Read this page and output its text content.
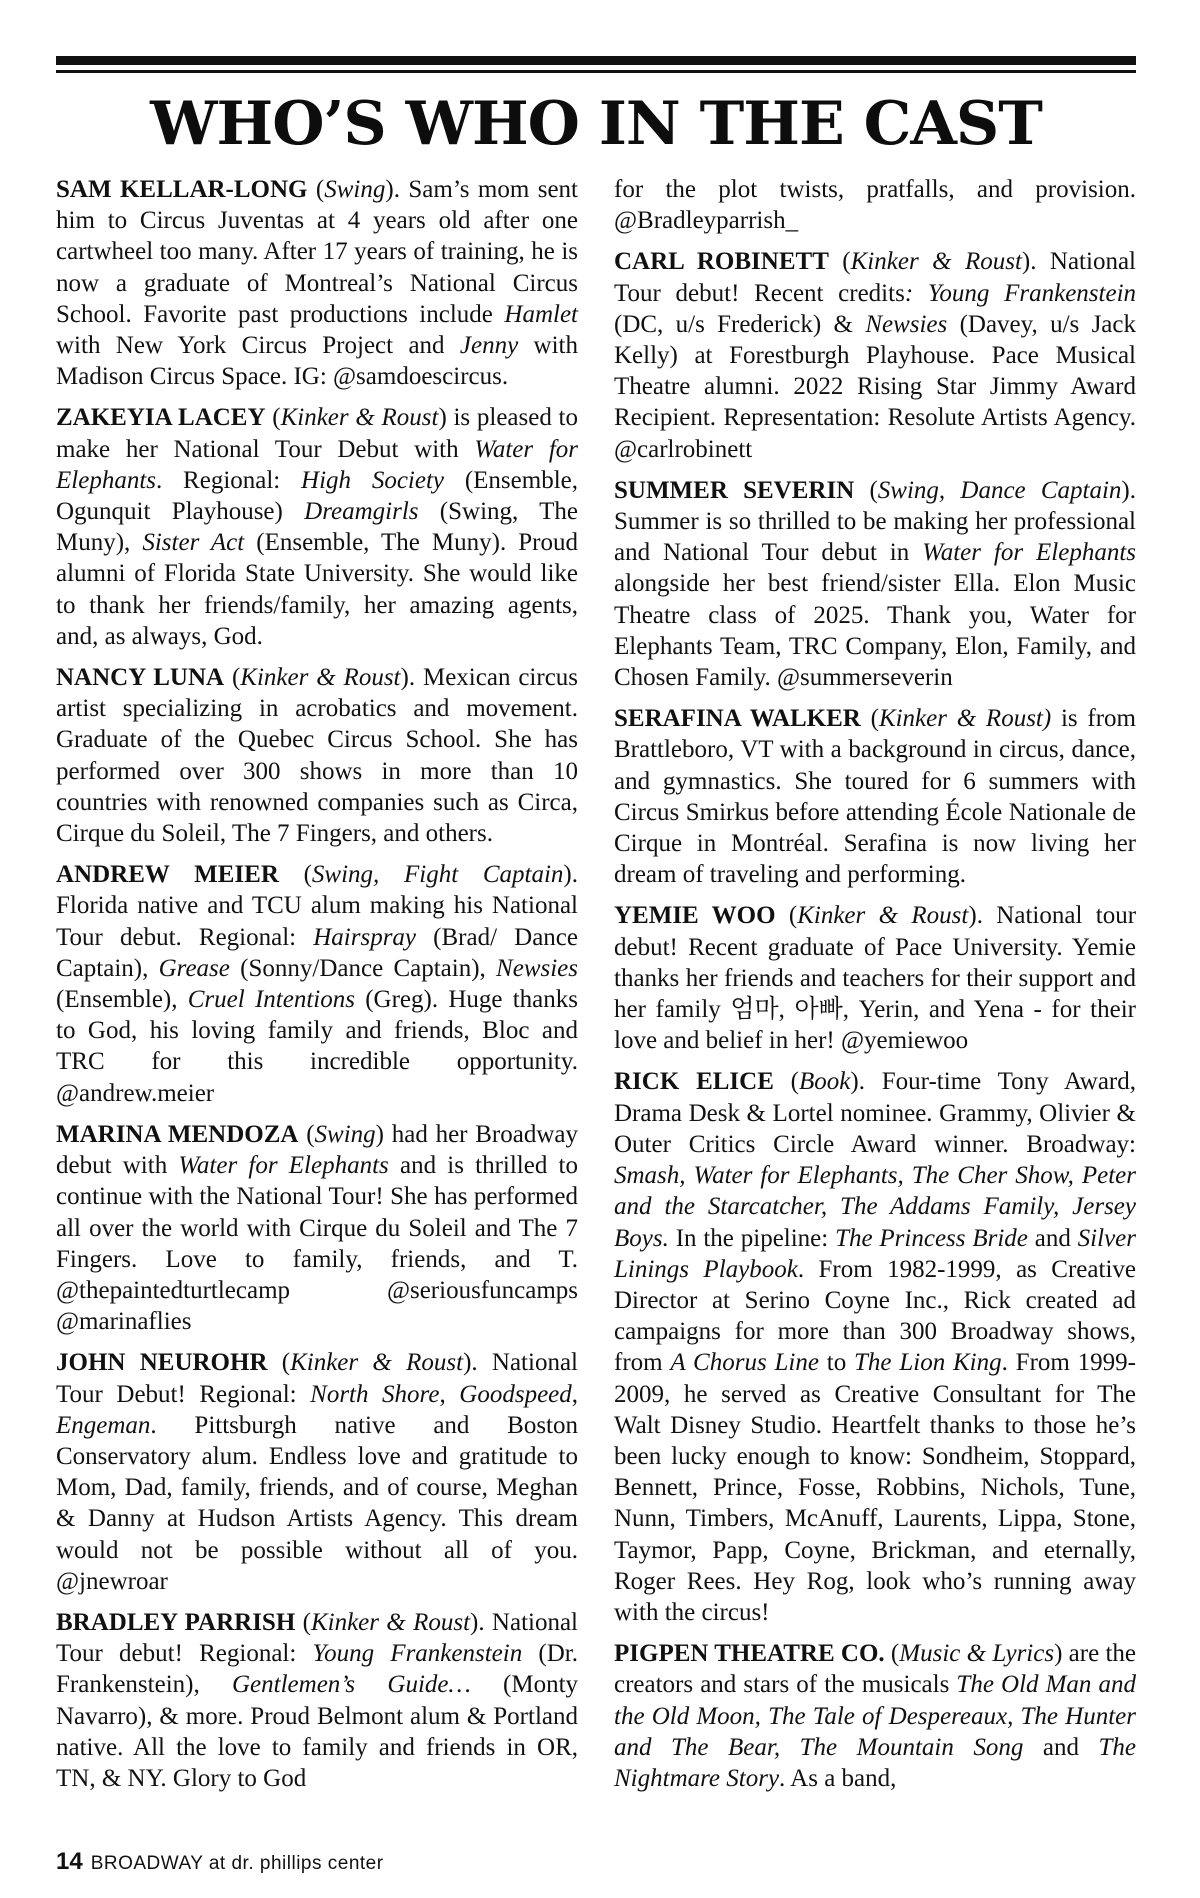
WHO’S WHO IN THE CAST

SAM KELLAR-LONG (Swing). Sam’s mom sent him to Circus Juventas at 4 years old after one cartwheel too many. After 17 years of training, he is now a graduate of Montreal’s National Circus School. Favorite past productions include Hamlet with New York Circus Project and Jenny with Madison Circus Space. IG: @samdoescircus.

ZAKEYIA LACEY (Kinker & Roust) is pleased to make her National Tour Debut with Water for Elephants. Regional: High Society (Ensemble, Ogunquit Playhouse) Dreamgirls (Swing, The Muny), Sister Act (Ensemble, The Muny). Proud alumni of Florida State University. She would like to thank her friends/family, her amazing agents, and, as always, God.

NANCY LUNA (Kinker & Roust). Mexican circus artist specializing in acrobatics and movement. Graduate of the Quebec Circus School. She has performed over 300 shows in more than 10 countries with renowned companies such as Circa, Cirque du Soleil, The 7 Fingers, and others.

ANDREW MEIER (Swing, Fight Captain). Florida native and TCU alum making his National Tour debut. Regional: Hairspray (Brad/ Dance Captain), Grease (Sonny/Dance Captain), Newsies (Ensemble), Cruel Intentions (Greg). Huge thanks to God, his loving family and friends, Bloc and TRC for this incredible opportunity. @andrew.meier

MARINA MENDOZA (Swing) had her Broadway debut with Water for Elephants and is thrilled to continue with the National Tour! She has performed all over the world with Cirque du Soleil and The 7 Fingers. Love to family, friends, and T. @thepaintedturtlecamp @seriousfuncamps @marinaflies

JOHN NEUROHR (Kinker & Roust). National Tour Debut! Regional: North Shore, Goodspeed, Engeman. Pittsburgh native and Boston Conservatory alum. Endless love and gratitude to Mom, Dad, family, friends, and of course, Meghan & Danny at Hudson Artists Agency. This dream would not be possible without all of you. @jnewroar

BRADLEY PARRISH (Kinker & Roust). National Tour debut! Regional: Young Frankenstein (Dr. Frankenstein), Gentlemen’s Guide… (Monty Navarro), & more. Proud Belmont alum & Portland native. All the love to family and friends in OR, TN, & NY. Glory to God

for the plot twists, pratfalls, and provision. @Bradleyparrish_

CARL ROBINETT (Kinker & Roust). National Tour debut! Recent credits: Young Frankenstein (DC, u/s Frederick) & Newsies (Davey, u/s Jack Kelly) at Forestburgh Playhouse. Pace Musical Theatre alumni. 2022 Rising Star Jimmy Award Recipient. Representation: Resolute Artists Agency. @carlrobinett

SUMMER SEVERIN (Swing, Dance Captain). Summer is so thrilled to be making her professional and National Tour debut in Water for Elephants alongside her best friend/sister Ella. Elon Music Theatre class of 2025. Thank you, Water for Elephants Team, TRC Company, Elon, Family, and Chosen Family. @summerseverin

SERAFINA WALKER (Kinker & Roust) is from Brattleboro, VT with a background in circus, dance, and gymnastics. She toured for 6 summers with Circus Smirkus before attending École Nationale de Cirque in Montréal. Serafina is now living her dream of traveling and performing.

YEMIE WOO (Kinker & Roust). National tour debut! Recent graduate of Pace University. Yemie thanks her friends and teachers for their support and her family 엄마, 아빠, Yerin, and Yena - for their love and belief in her! @yemiewoo

RICK ELICE (Book). Four-time Tony Award, Drama Desk & Lortel nominee. Grammy, Olivier & Outer Critics Circle Award winner. Broadway: Smash, Water for Elephants, The Cher Show, Peter and the Starcatcher, The Addams Family, Jersey Boys. In the pipeline: The Princess Bride and Silver Linings Playbook. From 1982-1999, as Creative Director at Serino Coyne Inc., Rick created ad campaigns for more than 300 Broadway shows, from A Chorus Line to The Lion King. From 1999-2009, he served as Creative Consultant for The Walt Disney Studio. Heartfelt thanks to those he’s been lucky enough to know: Sondheim, Stoppard, Bennett, Prince, Fosse, Robbins, Nichols, Tune, Nunn, Timbers, McAnuff, Laurents, Lippa, Stone, Taymor, Papp, Coyne, Brickman, and eternally, Roger Rees. Hey Rog, look who’s running away with the circus!

PIGPEN THEATRE CO. (Music & Lyrics) are the creators and stars of the musicals The Old Man and the Old Moon, The Tale of Despereaux, The Hunter and The Bear, The Mountain Song and The Nightmare Story. As a band,

14 BROADWAY at dr. phillips center
